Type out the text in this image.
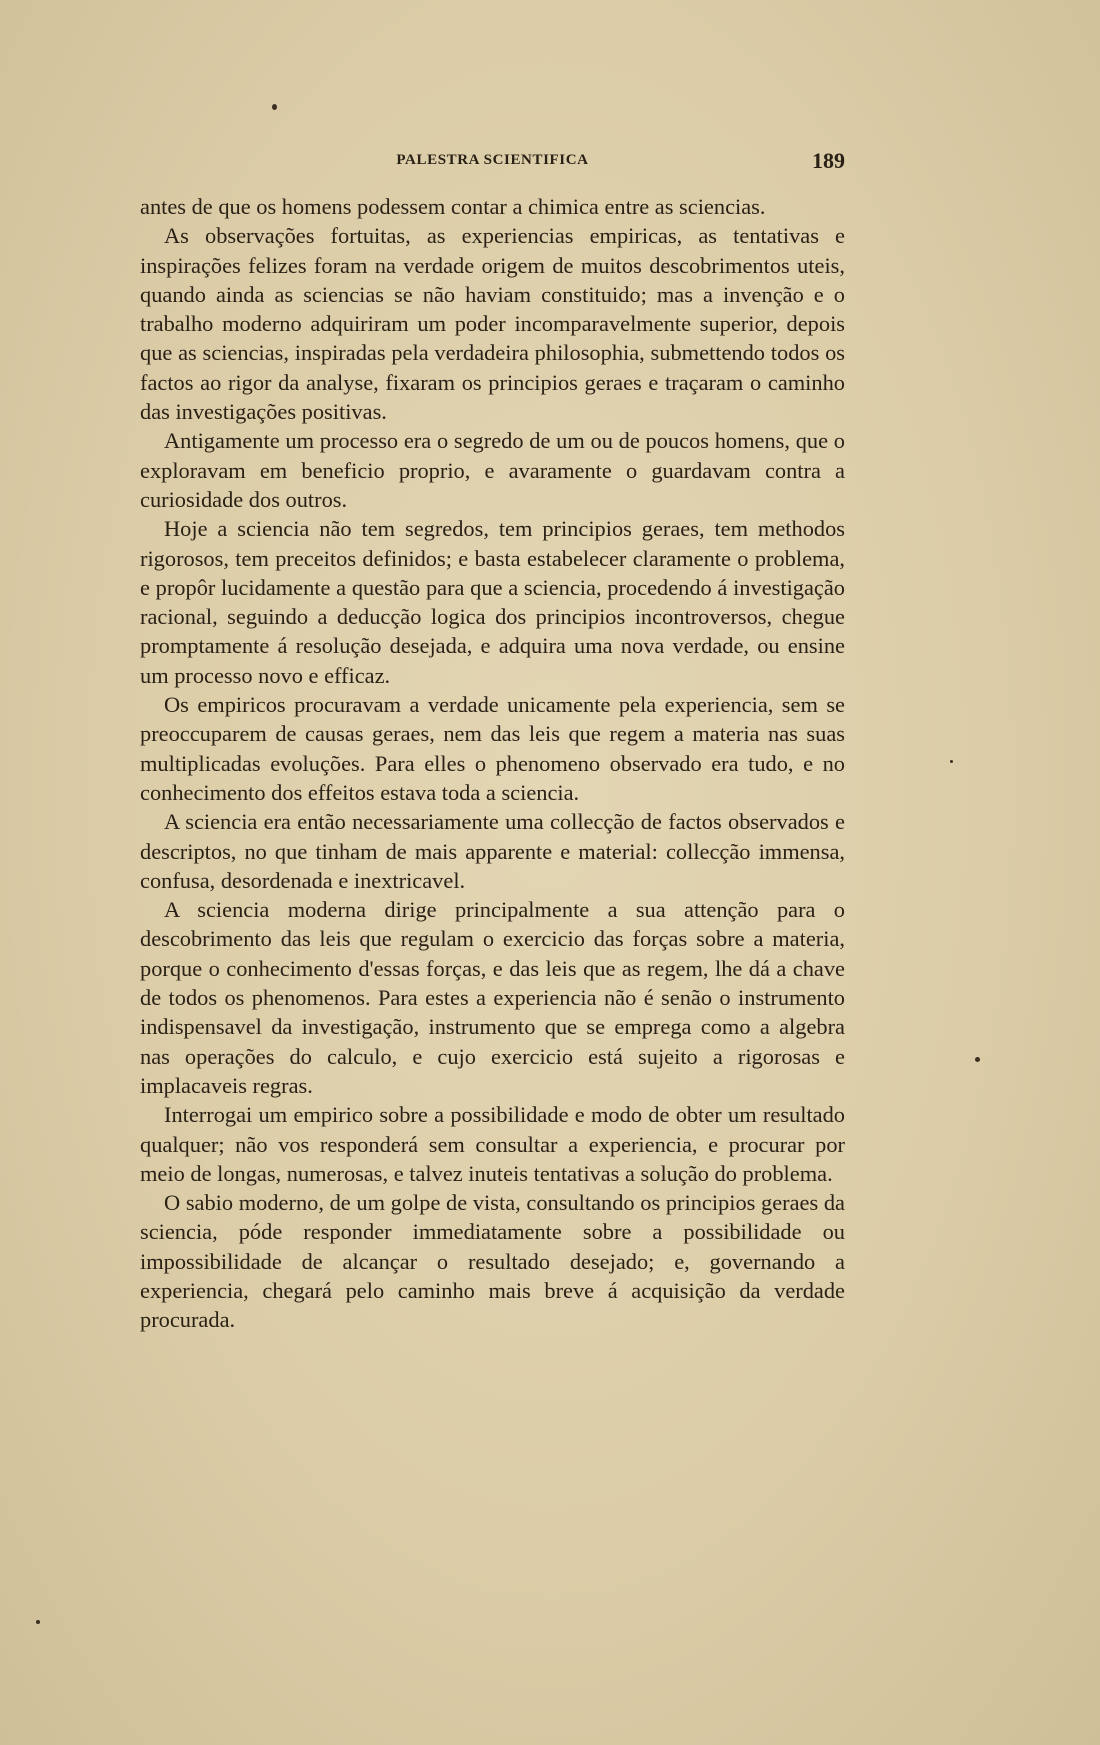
PALESTRA SCIENTIFICA	189

antes de que os homens podessem contar a chimica entre as sciencias.

As observações fortuitas, as experiencias empiricas, as tentativas e inspirações felizes foram na verdade origem de muitos descobrimentos uteis, quando ainda as sciencias se não haviam constituido; mas a invenção e o trabalho moderno adquiriram um poder incomparavelmente superior, depois que as sciencias, inspiradas pela verdadeira philosophia, submettendo todos os factos ao rigor da analyse, fixaram os principios geraes e traçaram o caminho das investigações positivas.

Antigamente um processo era o segredo de um ou de poucos homens, que o exploravam em beneficio proprio, e avaramente o guardavam contra a curiosidade dos outros.

Hoje a sciencia não tem segredos, tem principios geraes, tem methodos rigorosos, tem preceitos definidos; e basta estabelecer claramente o problema, e propôr lucidamente a questão para que a sciencia, procedendo á investigação racional, seguindo a deducção logica dos principios incontroversos, chegue promptamente á resolução desejada, e adquira uma nova verdade, ou ensine um processo novo e efficaz.

Os empiricos procuravam a verdade unicamente pela experiencia, sem se preoccuparem de causas geraes, nem das leis que regem a materia nas suas multiplicadas evoluções. Para elles o phenomeno observado era tudo, e no conhecimento dos effeitos estava toda a sciencia.

A sciencia era então necessariamente uma collecção de factos observados e descriptos, no que tinham de mais apparente e material: collecção immensa, confusa, desordenada e inextricavel.

A sciencia moderna dirige principalmente a sua attenção para o descobrimento das leis que regulam o exercicio das forças sobre a materia, porque o conhecimento d'essas forças, e das leis que as regem, lhe dá a chave de todos os phenomenos. Para estes a experiencia não é senão o instrumento indispensavel da investigação, instrumento que se emprega como a algebra nas operações do calculo, e cujo exercicio está sujeito a rigorosas e implacaveis regras.

Interrogai um empirico sobre a possibilidade e modo de obter um resultado qualquer; não vos responderá sem consultar a experiencia, e procurar por meio de longas, numerosas, e talvez inuteis tentativas a solução do problema.

O sabio moderno, de um golpe de vista, consultando os principios geraes da sciencia, póde responder immediatamente sobre a possibilidade ou impossibilidade de alcançar o resultado desejado; e, governando a experiencia, chegará pelo caminho mais breve á acquisição da verdade procurada.
